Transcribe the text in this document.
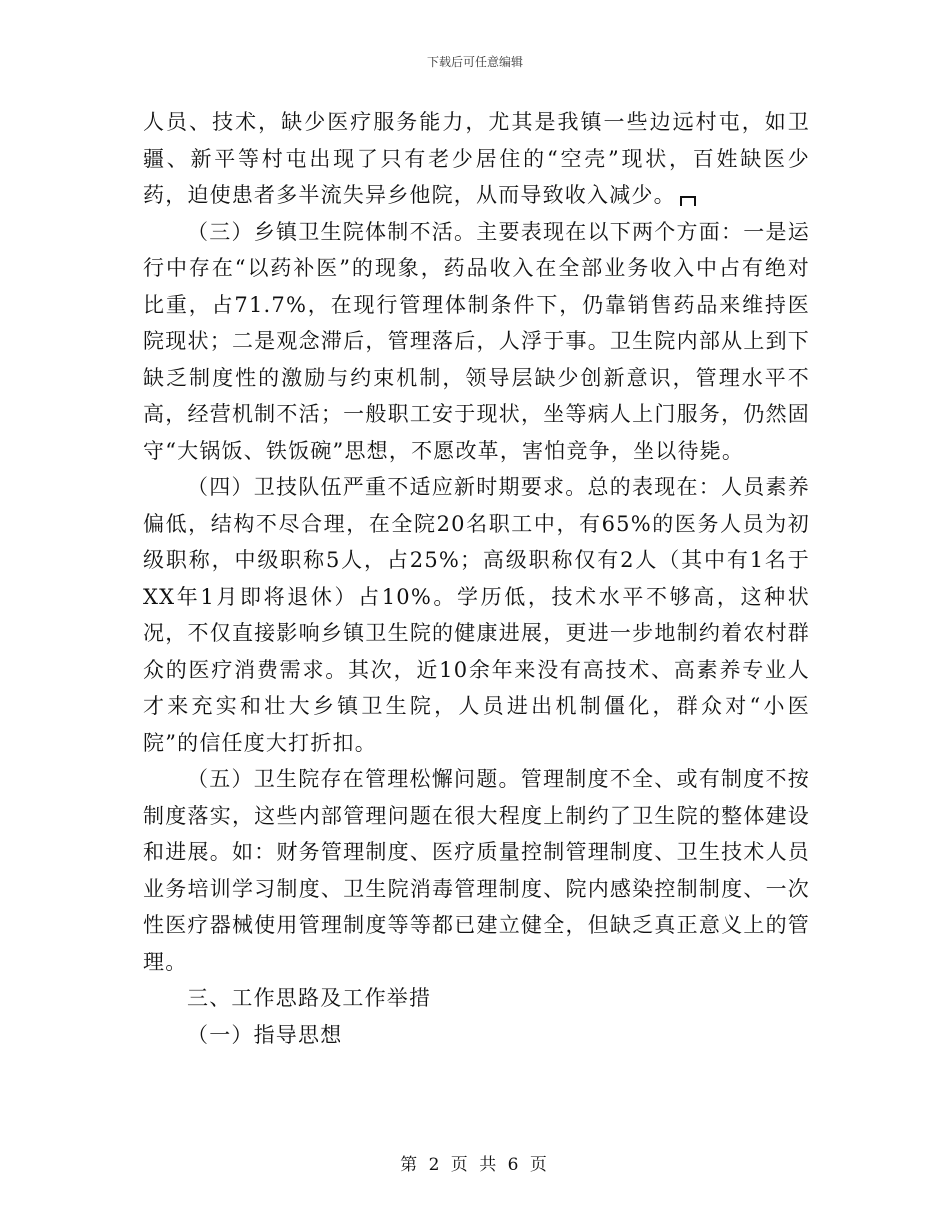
下载后可任意编辑

人员、技术，缺少医疗服务能力，尤其是我镇一些边远村屯，如卫疆、新平等村屯出现了只有老少居住的“空壳”现状，百姓缺医少药，迫使患者多半流失异乡他院，从而导致收入减少。

（三）乡镇卫生院体制不活。主要表现在以下两个方面：一是运行中存在“以药补医”的现象，药品收入在全部业务收入中占有绝对比重，占71.7%，在现行管理体制条件下，仍靠销售药品来维持医院现状；二是观念滞后，管理落后，人浮于事。卫生院内部从上到下缺乏制度性的激励与约束机制，领导层缺少创新意识，管理水平不高，经营机制不活；一般职工安于现状，坐等病人上门服务，仍然固守“大锅饭、铁饭碗”思想，不愿改革，害怕竞争，坐以待毙。

（四）卫技队伍严重不适应新时期要求。总的表现在：人员素养偏低，结构不尽合理，在全院20名职工中，有65%的医务人员为初级职称，中级职称5人，占25%；高级职称仅有2人（其中有1名于XX年1月即将退休）占10%。学历低，技术水平不够高，这种状况，不仅直接影响乡镇卫生院的健康进展，更进一步地制约着农村群众的医疗消费需求。其次，近10余年来没有高技术、高素养专业人才来充实和壮大乡镇卫生院，人员进出机制僵化，群众对“小医院”的信任度大打折扣。

（五）卫生院存在管理松懈问题。管理制度不全、或有制度不按制度落实，这些内部管理问题在很大程度上制约了卫生院的整体建设和进展。如：财务管理制度、医疗质量控制管理制度、卫生技术人员业务培训学习制度、卫生院消毒管理制度、院内感染控制制度、一次性医疗器械使用管理制度等等都已建立健全，但缺乏真正意义上的管理。

三、工作思路及工作举措

（一）指导思想

第 2 页 共 6 页
